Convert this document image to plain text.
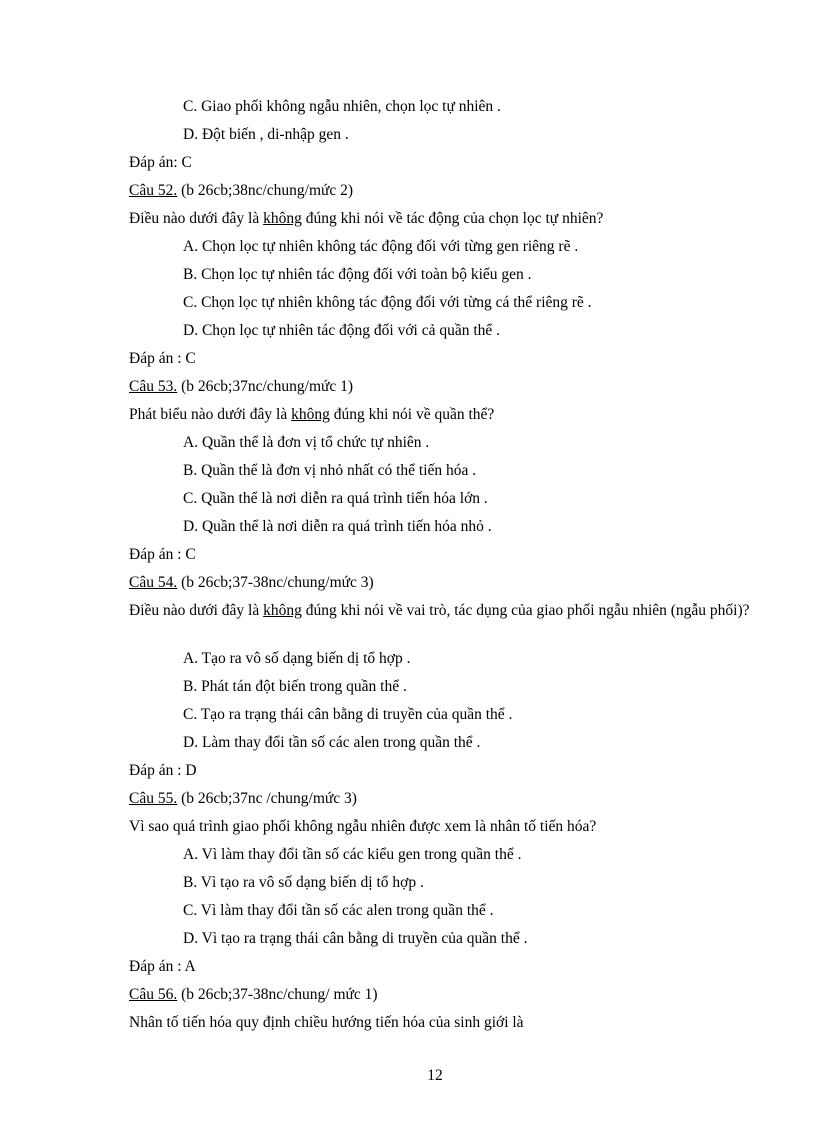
C. Giao phối không ngẫu nhiên, chọn lọc tự nhiên .
D. Đột biến , di-nhập gen .
Đáp án: C
Câu 52. (b 26cb;38nc/chung/mức 2)
Điều nào dưới đây là không đúng khi nói về tác động của chọn lọc tự nhiên?
A. Chọn lọc tự nhiên không tác động đối với từng gen riêng rẽ .
B. Chọn lọc tự nhiên tác động đối với toàn bộ kiểu gen .
C. Chọn lọc tự nhiên không tác động đối với từng cá thể riêng rẽ .
D. Chọn lọc tự nhiên tác động đối với cả quần thể .
Đáp án : C
Câu 53. (b 26cb;37nc/chung/mức 1)
Phát biểu nào dưới đây là không đúng khi nói về quần thể?
A. Quần thể là đơn vị tổ chức tự nhiên .
B. Quần thể là đơn vị nhỏ nhất có thể tiến hóa .
C. Quần thể là nơi diễn ra quá trình tiến hóa lớn .
D. Quần thể là nơi diễn ra quá trình tiến hóa nhỏ .
Đáp án : C
Câu 54. (b 26cb;37-38nc/chung/mức 3)
Điều nào dưới đây là không đúng khi nói về vai trò, tác dụng của giao phối ngẫu nhiên (ngẫu phối)?
A. Tạo ra vô số dạng biến dị tổ hợp .
B. Phát tán đột biến trong quần thể .
C. Tạo ra trạng thái cân bằng di truyền của quần thể .
D. Làm thay đổi tần số các alen trong quần thể .
Đáp án : D
Câu 55. (b 26cb;37nc /chung/mức 3)
Vì sao quá trình giao phối không ngẫu nhiên được xem là nhân tố tiến hóa?
A. Vì làm thay đổi tần số các kiểu gen trong quần thể .
B. Vì tạo ra vô số dạng biến dị tổ hợp .
C. Vì làm thay đổi tần số các alen trong quần thể .
D. Vì tạo ra trạng thái cân bằng di truyền của quần thể .
Đáp án : A
Câu 56. (b 26cb;37-38nc/chung/ mức 1)
Nhân tố tiến hóa quy định chiều hướng tiến hóa của sinh giới là
12
